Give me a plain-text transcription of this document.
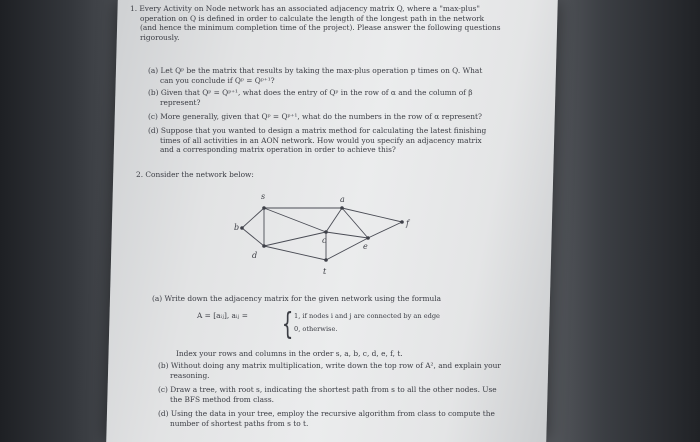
1. Every Activity on Node network has an associated adjacency matrix Q, where a "max-plus"
operation on Q is defined in order to calculate the length of the longest path in the network
(and hence the minimum completion time of the project). Please answer the following questions
rigorously.
(a) Let Qᵖ be the matrix that results by taking the max-plus operation p times on Q. What
can you conclude if Qᵖ = Qᵖ⁺¹?
(b) Given that Qᵖ = Qᵖ⁺¹, what does the entry of Qᵖ in the row of α and the column of β
represent?
(c) More generally, given that Qᵖ = Qᵖ⁺¹, what do the numbers in the row of α represent?
(d) Suppose that you wanted to design a matrix method for calculating the latest finishing
times of all activities in an AON network. How would you specify an adjacency matrix
and a corresponding matrix operation in order to achieve this?
2. Consider the network below:
s	a
b
c
d
e
f
t
(a) Write down the adjacency matrix for the given network using the formula
A = [aᵢⱼ], aᵢⱼ = { 1, if nodes i and j are connected by an edge
0, otherwise.
Index your rows and columns in the order s, a, b, c, d, e, f, t.
(b) Without doing any matrix multiplication, write down the top row of A², and explain your
reasoning.
(c) Draw a tree, with root s, indicating the shortest path from s to all the other nodes. Use
the BFS method from class.
(d) Using the data in your tree, employ the recursive algorithm from class to compute the
number of shortest paths from s to t.
